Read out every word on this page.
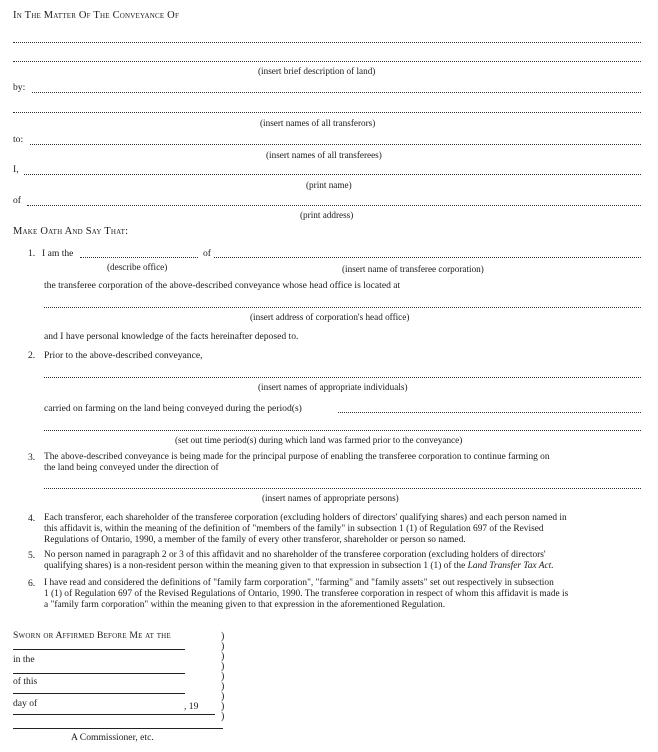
In The Matter Of The Conveyance Of
(insert brief description of land)
by:
(insert names of all transferors)
to:
(insert names of all transferees)
I,
(print name)
of
(print address)
Make Oath And Say That:
1. I am the	of
(describe office)	(insert name of transferee corporation)
the transferee corporation of the above-described conveyance whose head office is located at
(insert address of corporation's head office)
and I have personal knowledge of the facts hereinafter deposed to.
2. Prior to the above-described conveyance,
(insert names of appropriate individuals)
carried on farming on the land being conveyed during the period(s)
(set out time period(s) during which land was farmed prior to the conveyance)
3. The above-described conveyance is being made for the principal purpose of enabling the transferee corporation to continue farming on
the land being conveyed under the direction of
(insert names of appropriate persons)
4. Each transferor, each shareholder of the transferee corporation (excluding holders of directors' qualifying shares) and each person named in
this affidavit is, within the meaning of the definition of "members of the family" in subsection 1 (1) of Regulation 697 of the Revised
Regulations of Ontario, 1990, a member of the family of every other transferor, shareholder or person so named.
5. No person named in paragraph 2 or 3 of this affidavit and no shareholder of the transferee corporation (excluding holders of directors'
qualifying shares) is a non-resident person within the meaning given to that expression in subsection 1 (1) of the Land Transfer Tax Act.
6. I have read and considered the definitions of "family farm corporation", "farming" and "family assets" set out respectively in subsection
1 (1) of Regulation 697 of the Revised Regulations of Ontario, 1990. The transferee corporation in respect of whom this affidavit is made is
a "family farm corporation" within the meaning given to that expression in the aforementioned Regulation.
Sworn or Affirmed Before Me at the
in the
of this
day of	, 19
)
)
)
)
)
)
)
)
)
A Commissioner, etc.
